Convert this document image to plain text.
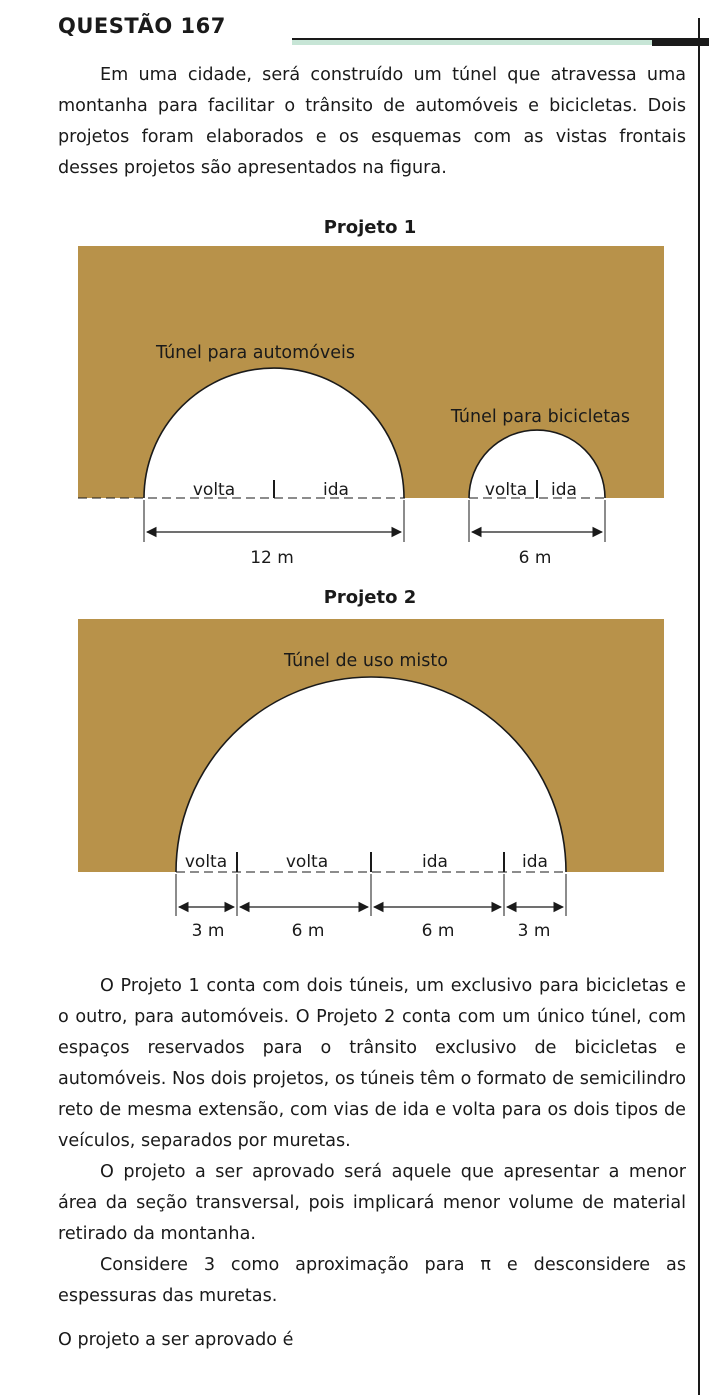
QUESTÃO 167

Em uma cidade, será construído um túnel que atravessa uma montanha para facilitar o trânsito de automóveis e bicicletas. Dois projetos foram elaborados e os esquemas com as vistas frontais desses projetos são apresentados na figura.

Projeto 1
Túnel para automóveis
Túnel para bicicletas
volta	ida	volta ida
12 m	6 m
Projeto 2
Túnel de uso misto
volta	volta	ida	ida
3 m	6 m	6 m	3 m

O Projeto 1 conta com dois túneis, um exclusivo para bicicletas e o outro, para automóveis. O Projeto 2 conta com um único túnel, com espaços reservados para o trânsito exclusivo de bicicletas e automóveis. Nos dois projetos, os túneis têm o formato de semicilindro reto de mesma extensão, com vias de ida e volta para os dois tipos de veículos, separados por muretas.

O projeto a ser aprovado será aquele que apresentar a menor área da seção transversal, pois implicará menor volume de material retirado da montanha.

Considere 3 como aproximação para π e desconsidere as espessuras das muretas.

O projeto a ser aprovado é
